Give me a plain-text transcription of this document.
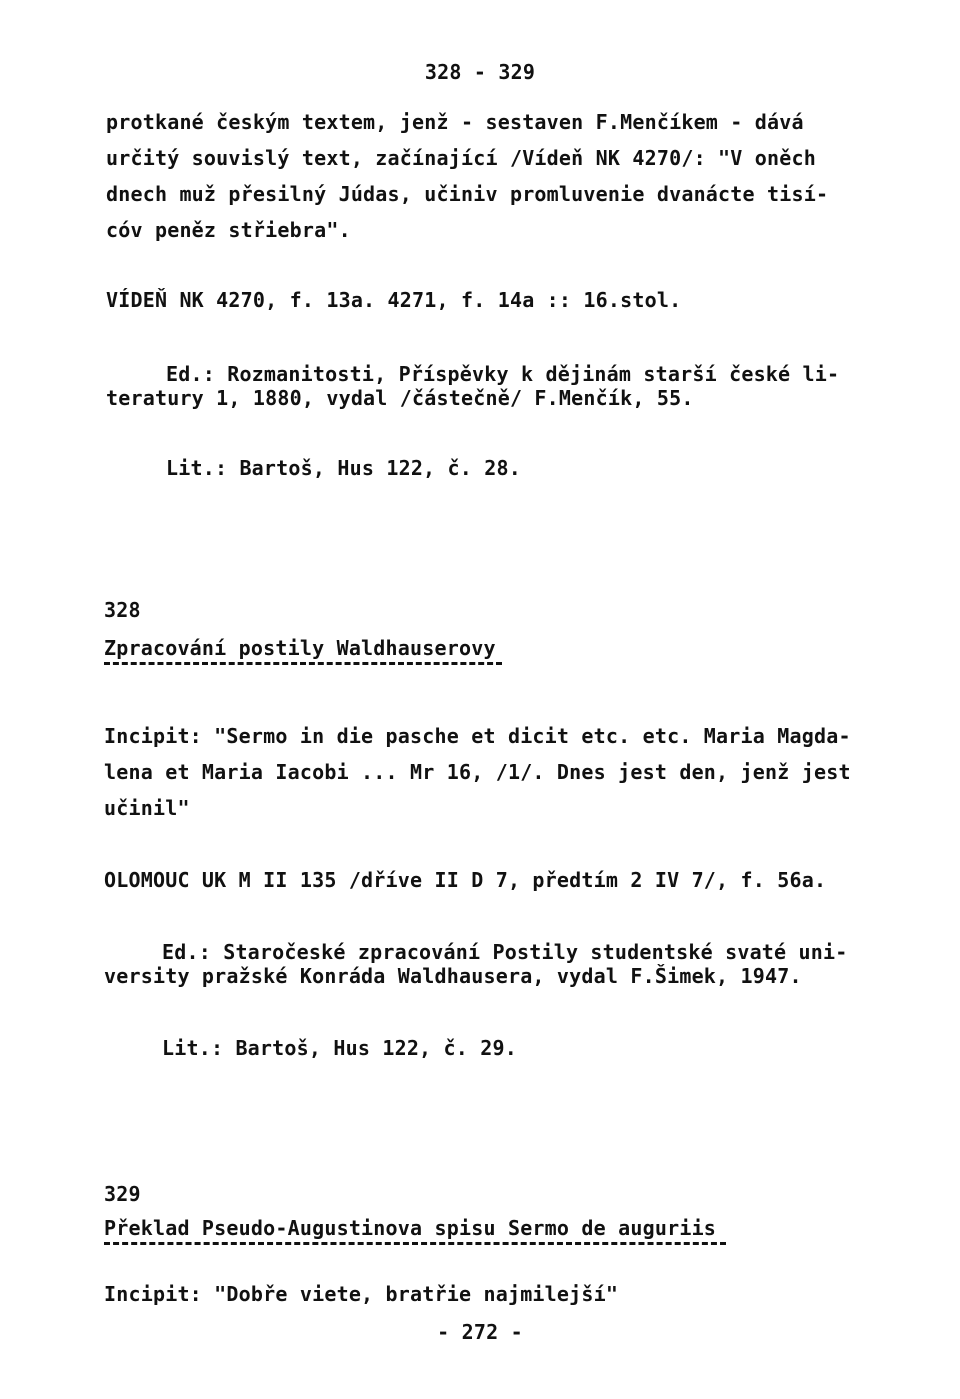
328 - 329
protkané českým textem, jenž - sestaven F.Menčíkem - dává
určitý souvislý text, začínající /Vídeň NK 4270/: "V oněch
dnech muž přesilný Júdas, učiniv promluvenie dvanácte tisí-
cóv peněz střiebra".
VÍDEŇ NK 4270, f. 13a. 4271, f. 14a :: 16.stol.
Ed.: Rozmanitosti, Příspěvky k dějinám starší české li-
teratury 1, 1880, vydal /částečně/ F.Menčík, 55.
Lit.: Bartoš, Hus 122, č. 28.
328
Zpracování postily Waldhauserovy
Incipit: "Sermo in die pasche et dicit etc. etc. Maria Magda-
lena et Maria Iacobi ... Mr 16, /1/. Dnes jest den, jenž jest
učinil"
OLOMOUC UK M II 135 /dříve II D 7, předtím 2 IV 7/, f. 56a.
Ed.: Staročeské zpracování Postily studentské svaté uni-
versity pražské Konráda Waldhausera, vydal F.Šimek, 1947.
Lit.: Bartoš, Hus 122, č. 29.
329
Překlad Pseudo-Augustinova spisu Sermo de auguriis
Incipit: "Dobře viete, bratřie najmilejší"
- 272 -
